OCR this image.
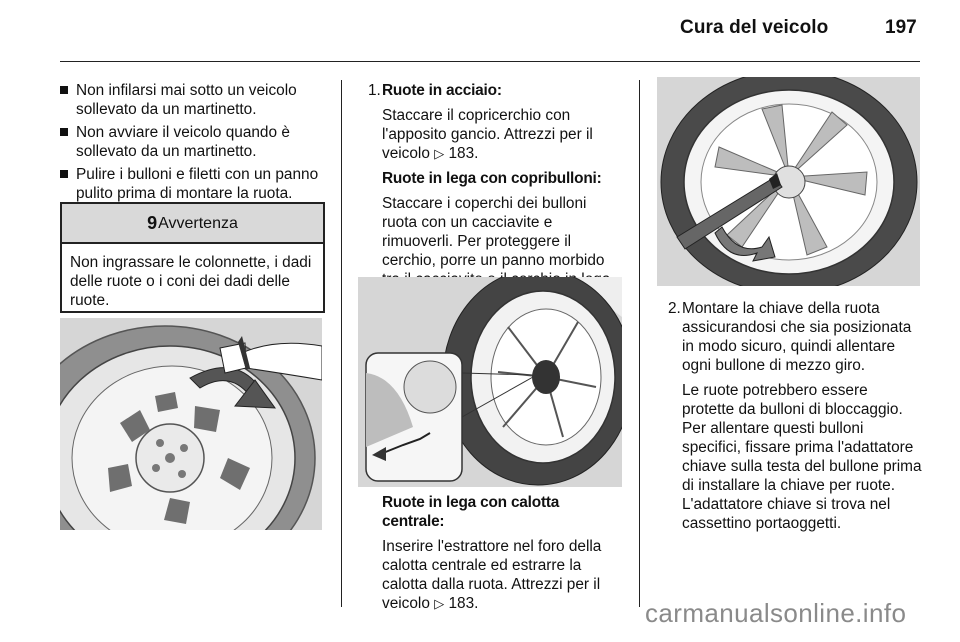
Cura del veicolo	197
Non infilarsi mai sotto un veicolo sollevato da un martinetto.
Non avviare il veicolo quando è sollevato da un martinetto.
Pulire i bulloni e filetti con un panno pulito prima di montare la ruota.
9 Avvertenza
Non ingrassare le colonnette, i dadi delle ruote o i coni dei dadi delle ruote.
1. Ruote in acciaio:
Staccare il copricerchio con l'apposito gancio. Attrezzi per il veicolo ▷ 183.
Ruote in lega con copribulloni:
Staccare i coperchi dei bulloni ruota con un cacciavite e rimuoverli. Per proteggere il cerchio, porre un panno morbido
Ruote in lega con calotta centrale:
Inserire l'estrattore nel foro della calotta centrale ed estrarre la calotta dalla ruota. Attrezzi per il veicolo ▷ 183.
2. Montare la chiave della ruota assicurandosi che sia posizionata in modo sicuro, quindi allentare ogni bullone di mezzo giro.
Le ruote potrebbero essere protette da bulloni di bloccaggio. Per allentare questi bulloni specifici, fissare prima l'adattatore chiave sulla testa del bullone prima di installare la chiave per ruote. L'adattatore chiave si trova nel cassettino portaoggetti.
carmanualsonline.info
